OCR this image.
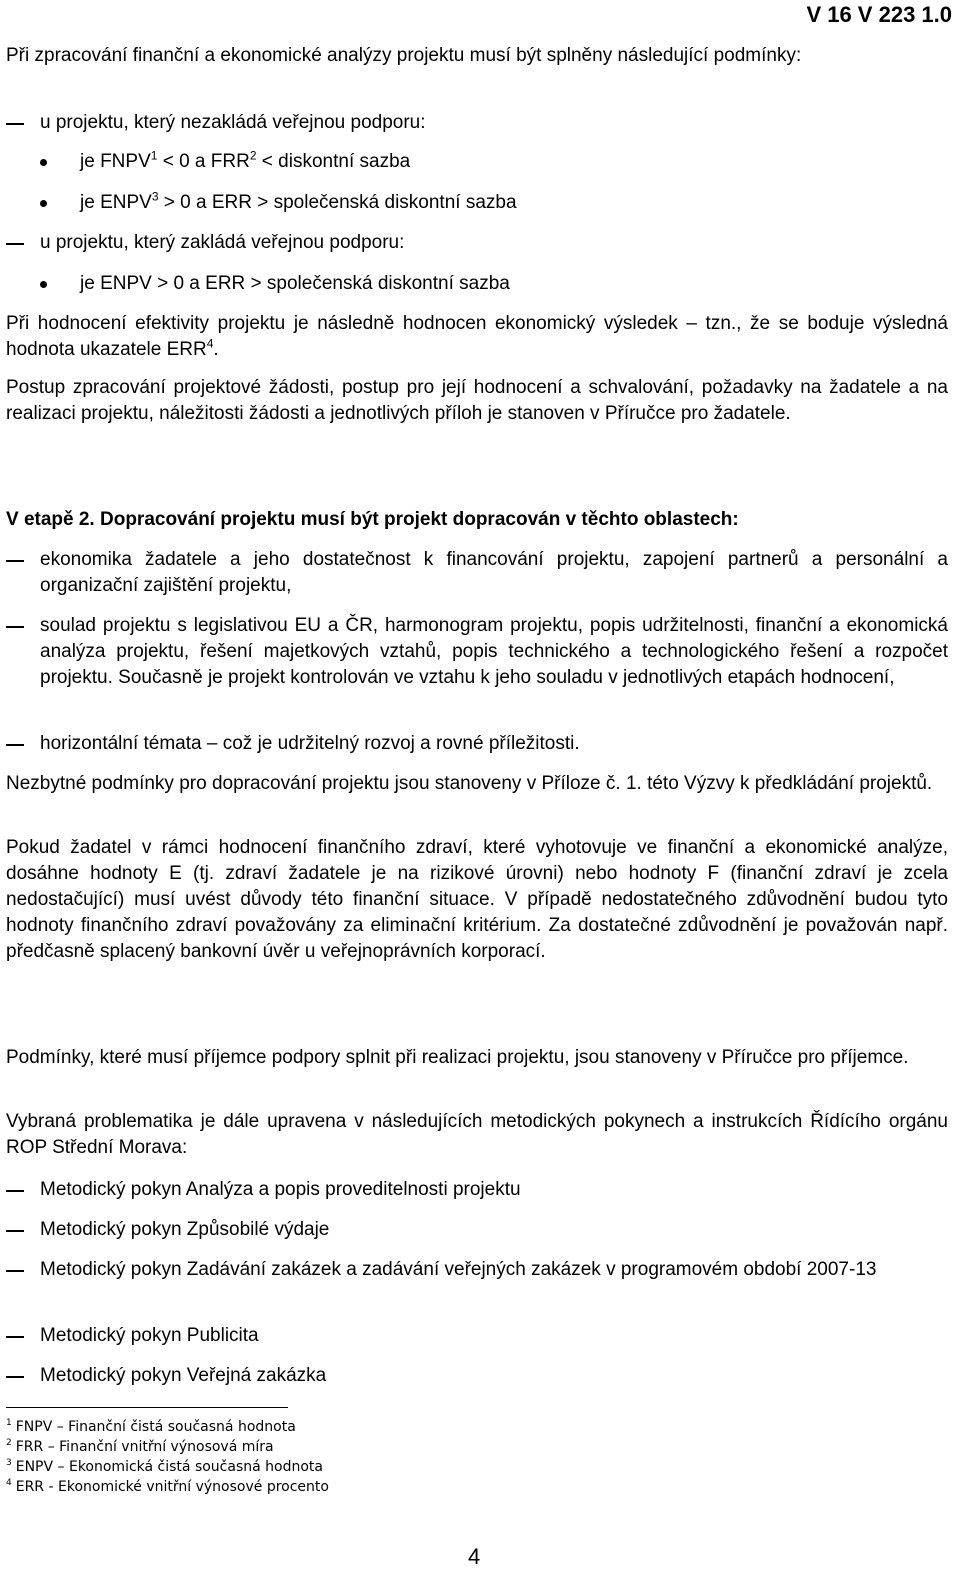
V 16 V 223 1.0

Při zpracování finanční a ekonomické analýzy projektu musí být splněny následující podmínky:

u projektu, který nezakládá veřejnou podporu:
je $FNPV^1 < 0$ a $FRR^2$ < diskontní sazba
je $ENPV^3 > 0$ a ERR > společenská diskontní sazba
u projektu, který zakládá veřejnou podporu:
je ENPV > 0 a ERR > společenská diskontní sazba

Při hodnocení efektivity projektu je následně hodnocen ekonomický výsledek – tzn., že se boduje výsledná hodnota ukazatele ERR$^4$.

Postup zpracování projektové žádosti, postup pro její hodnocení a schvalování, požadavky na žadatele a na realizaci projektu, náležitosti žádosti a jednotlivých příloh je stanoven v Příručce pro žadatele.

V etapě 2. Dopracování projektu musí být projekt dopracován v těchto oblastech:

ekonomika žadatele a jeho dostatečnost k financování projektu, zapojení partnerů a personální a organizační zajištění projektu,
soulad projektu s legislativou EU a ČR, harmonogram projektu, popis udržitelnosti, finanční a ekonomická analýza projektu, řešení majetkových vztahů, popis technického a technologického řešení a rozpočet projektu. Současně je projekt kontrolován ve vztahu k jeho souladu v jednotlivých etapách hodnocení,
horizontální témata – což je udržitelný rozvoj a rovné příležitosti.

Nezbytné podmínky pro dopracování projektu jsou stanoveny v Příloze č. 1. této Výzvy k předkládání projektů.

Pokud žadatel v rámci hodnocení finančního zdraví, které vyhotovuje ve finanční a ekonomické analýze, dosáhne hodnoty E (tj. zdraví žadatele je na rizikové úrovni) nebo hodnoty F (finanční zdraví je zcela nedostačující) musí uvést důvody této finanční situace. V případě nedostatečného zdůvodnění budou tyto hodnoty finančního zdraví považovány za eliminační kritérium. Za dostatečné zdůvodnění je považován např. předčasně splacený bankovní úvěr u veřejnoprávních korporací.

Podmínky, které musí příjemce podpory splnit při realizaci projektu, jsou stanoveny v Příručce pro příjemce.

Vybraná problematika je dále upravena v následujících metodických pokynech a instrukcích Řídícího orgánu ROP Střední Morava:

Metodický pokyn Analýza a popis proveditelnosti projektu
Metodický pokyn Způsobilé výdaje
Metodický pokyn Zadávání zakázek a zadávání veřejných zakázek v programovém období 2007-13
Metodický pokyn Publicita
Metodický pokyn Veřejná zakázka
$^1$ FNPV – Finanční čistá současná hodnota
$^2$ FRR – Finanční vnitřní výnosová míra
$^3$ ENPV – Ekonomická čistá současná hodnota
$^4$ ERR - Ekonomické vnitřní výnosové procento
4
